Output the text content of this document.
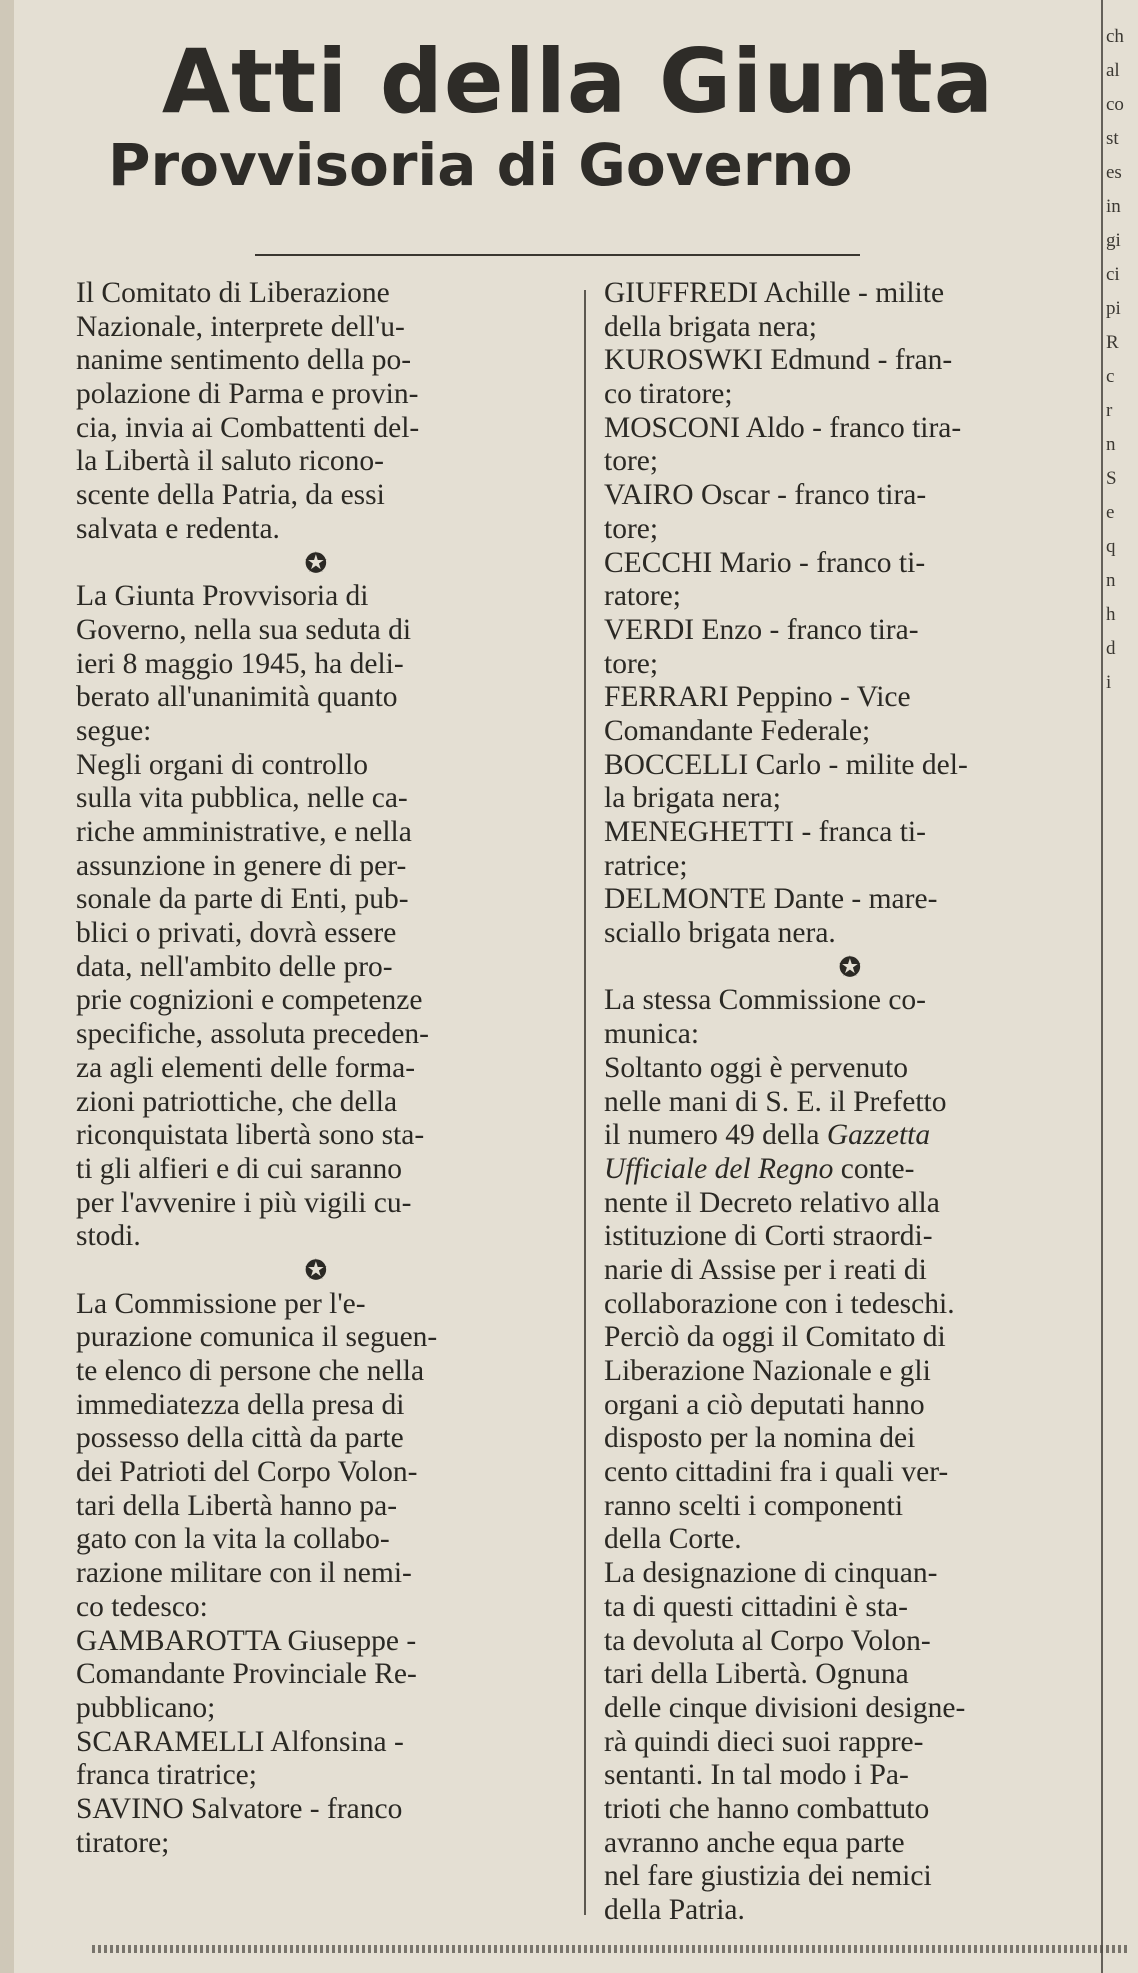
Atti della Giunta
Provvisoria di Governo
Il Comitato di Liberazione
Nazionale, interprete dell'u-
nanime sentimento della po-
polazione di Parma e provin-
cia, invia ai Combattenti del-
la Libertà il saluto ricono-
scente della Patria, da essi
salvata e redenta.
✪
La Giunta Provvisoria di
Governo, nella sua seduta di
ieri 8 maggio 1945, ha deli-
berato all'unanimità quanto
segue:
Negli organi di controllo
sulla vita pubblica, nelle ca-
riche amministrative, e nella
assunzione in genere di per-
sonale da parte di Enti, pub-
blici o privati, dovrà essere
data, nell'ambito delle pro-
prie cognizioni e competenze
specifiche, assoluta preceden-
za agli elementi delle forma-
zioni patriottiche, che della
riconquistata libertà sono sta-
ti gli alfieri e di cui saranno
per l'avvenire i più vigili cu-
stodi.
✪
La Commissione per l'e-
purazione comunica il seguen-
te elenco di persone che nella
immediatezza della presa di
possesso della città da parte
dei Patrioti del Corpo Volon-
tari della Libertà hanno pa-
gato con la vita la collabo-
razione militare con il nemi-
co tedesco:
GAMBAROTTA Giuseppe -
Comandante Provinciale Re-
pubblicano;
SCARAMELLI Alfonsina -
franca tiratrice;
SAVINO Salvatore - franco
tiratore;
GIUFFREDI Achille - milite
della brigata nera;
KUROSWKI Edmund - fran-
co tiratore;
MOSCONI Aldo - franco tira-
tore;
VAIRO Oscar - franco tira-
tore;
CECCHI Mario - franco ti-
ratore;
VERDI Enzo - franco tira-
tore;
FERRARI Peppino - Vice
Comandante Federale;
BOCCELLI Carlo - milite del-
la brigata nera;
MENEGHETTI - franca ti-
ratrice;
DELMONTE Dante - mare-
sciallo brigata nera.
✪
La stessa Commissione co-
munica:
Soltanto oggi è pervenuto
nelle mani di S. E. il Prefetto
il numero 49 della Gazzetta
Ufficiale del Regno conte-
nente il Decreto relativo alla
istituzione di Corti straordi-
narie di Assise per i reati di
collaborazione con i tedeschi.
Perciò da oggi il Comitato di
Liberazione Nazionale e gli
organi a ciò deputati hanno
disposto per la nomina dei
cento cittadini fra i quali ver-
ranno scelti i componenti
della Corte.
La designazione di cinquan-
ta di questi cittadini è sta-
ta devoluta al Corpo Volon-
tari della Libertà. Ognuna
delle cinque divisioni designe-
rà quindi dieci suoi rappre-
sentanti. In tal modo i Pa-
trioti che hanno combattuto
avranno anche equa parte
nel fare giustizia dei nemici
della Patria.
ch
al
co
st
es
in
gi
ci
pi
R
c
r
n
S
e
q
n
h
d
i
